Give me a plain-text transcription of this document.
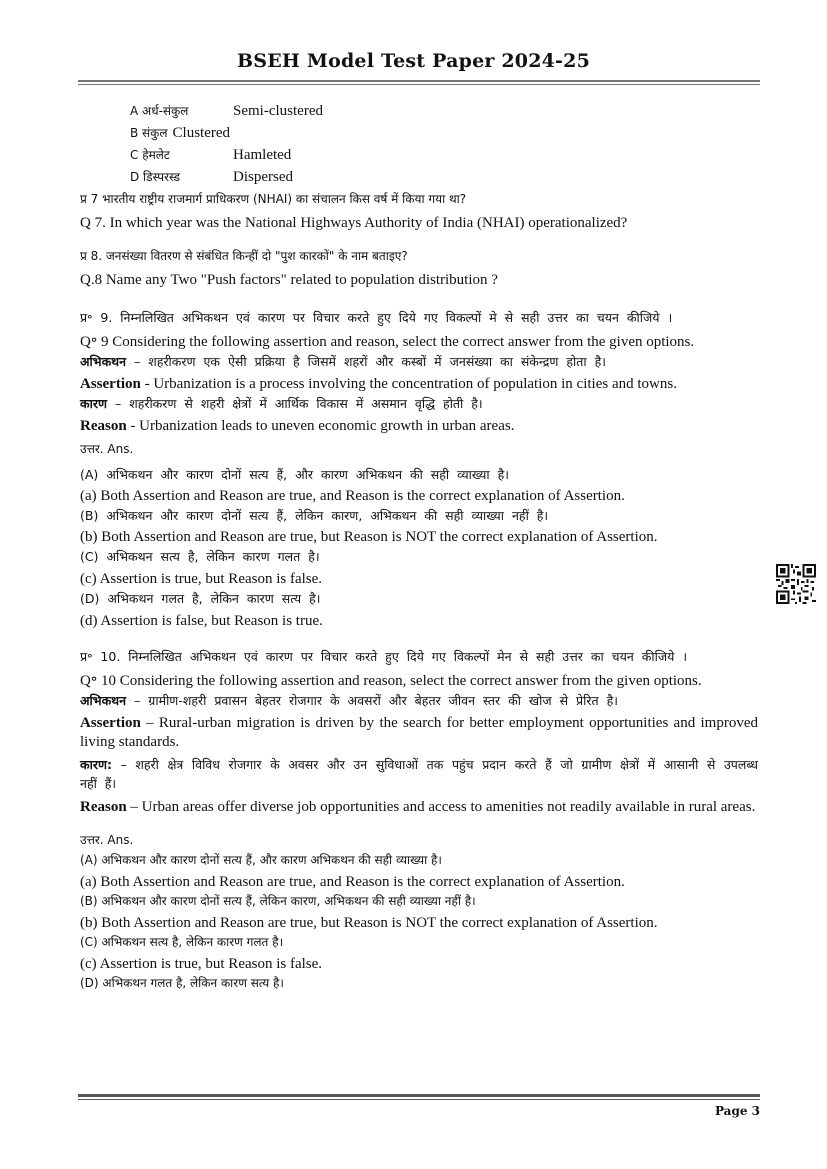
BSEH Model Test Paper 2024-25
A अर्ध-संकुल	Semi-clustered
B संकुल Clustered
C हेमलेट	Hamleted
D डिस्परस्ड	Dispersed

प्र 7 भारतीय राष्ट्रीय राजमार्ग प्राधिकरण (NHAI) का संचालन किस वर्ष में किया गया था?

Q 7. In which year was the National Highways Authority of India (NHAI) operationalized?

प्र 8. जनसंख्या वितरण से संबंधित किन्हीं दो "पुश कारकों" के नाम बताइए?

Q.8 Name any Two "Push factors" related to population distribution ?

प्र॰ 9. निम्नलिखित अभिकथन एवं कारण पर विचार करते हुए दिये गए विकल्पों मे से सही उत्तर का चयन कीजिये ।

Q॰ 9 Considering the following assertion and reason, select the correct answer from the given options.

अभिकथन – शहरीकरण एक ऐसी प्रक्रिया है जिसमें शहरों और कस्बों में जनसंख्या का संकेन्द्रण होता है।

Assertion - Urbanization is a process involving the concentration of population in cities and towns.

कारण – शहरीकरण से शहरी क्षेत्रों में आर्थिक विकास में असमान वृद्धि होती है।

Reason - Urbanization leads to uneven economic growth in urban areas.

उत्तर. Ans.

(A) अभिकथन और कारण दोनों सत्य हैं, और कारण अभिकथन की सही व्याख्या है।

(a) Both Assertion and Reason are true, and Reason is the correct explanation of Assertion.

(B) अभिकथन और कारण दोनों सत्य हैं, लेकिन कारण, अभिकथन की सही व्याख्या नहीं है।

(b) Both Assertion and Reason are true, but Reason is NOT the correct explanation of Assertion.

(C) अभिकथन सत्य है, लेकिन कारण गलत है।

(c) Assertion is true, but Reason is false.

(D) अभिकथन गलत है, लेकिन कारण सत्य है।

(d) Assertion is false, but Reason is true.

प्र॰ 10. निम्नलिखित अभिकथन एवं कारण पर विचार करते हुए दिये गए विकल्पों मेन से सही उत्तर का चयन कीजिये ।

Q॰ 10 Considering the following assertion and reason, select the correct answer from the given options.

अभिकथन – ग्रामीण-शहरी प्रवासन बेहतर रोजगार के अवसरों और बेहतर जीवन स्तर की खोज से प्रेरित है।

Assertion – Rural-urban migration is driven by the search for better employment opportunities and improved living standards.

कारण: – शहरी क्षेत्र विविध रोजगार के अवसर और उन सुविधाओं तक पहुंच प्रदान करते हैं जो ग्रामीण क्षेत्रों में आसानी से उपलब्ध नहीं हैं।

Reason – Urban areas offer diverse job opportunities and access to amenities not readily available in rural areas.

उत्तर. Ans.

(A) अभिकथन और कारण दोनों सत्य हैं, और कारण अभिकथन की सही व्याख्या है।

(a) Both Assertion and Reason are true, and Reason is the correct explanation of Assertion.

(B) अभिकथन और कारण दोनों सत्य हैं, लेकिन कारण, अभिकथन की सही व्याख्या नहीं है।

(b) Both Assertion and Reason are true, but Reason is NOT the correct explanation of Assertion.

(C) अभिकथन सत्य है, लेकिन कारण गलत है।

(c) Assertion is true, but Reason is false.

(D) अभिकथन गलत है, लेकिन कारण सत्य है।

Page 3
